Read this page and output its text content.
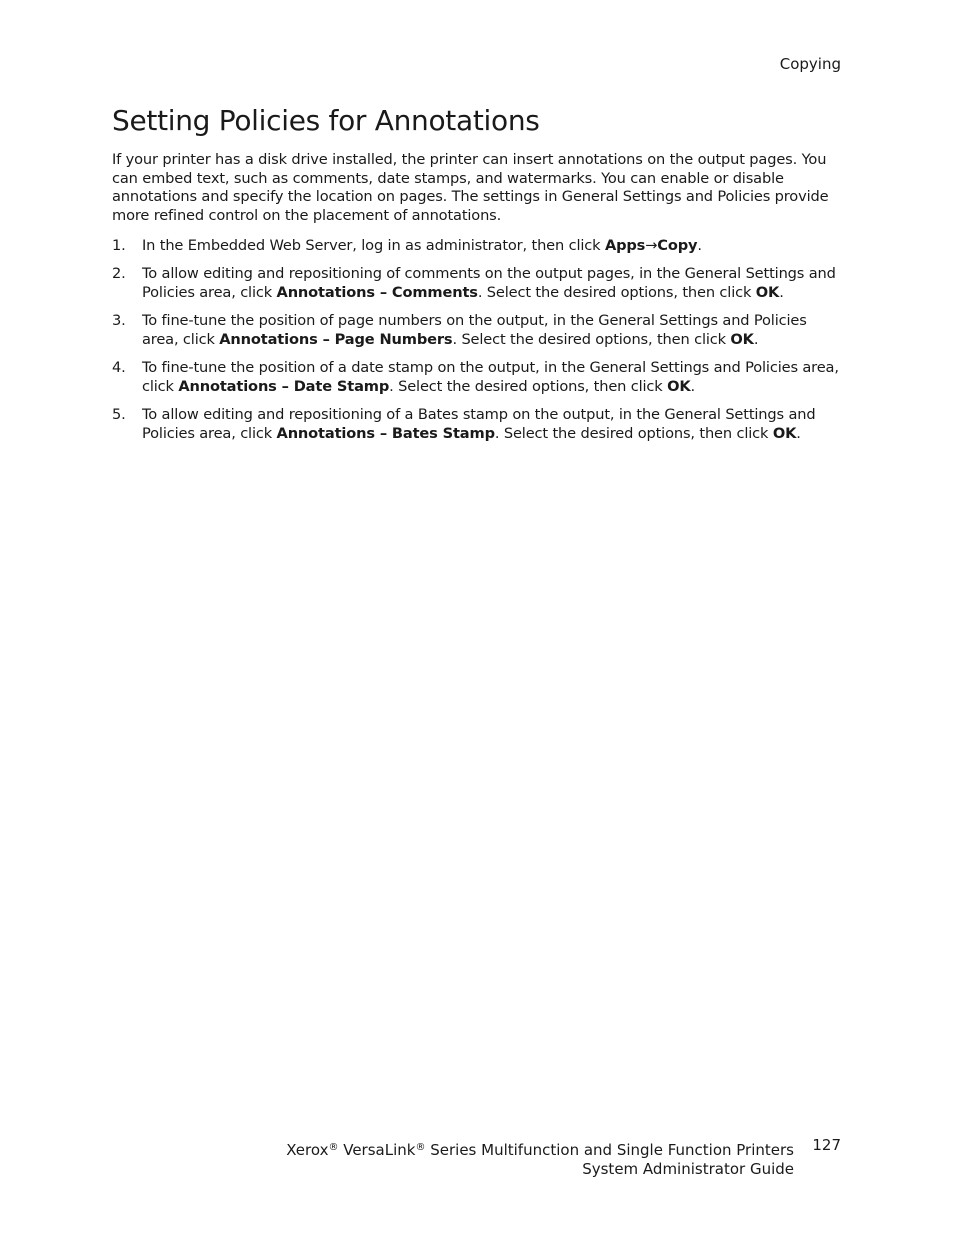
Copying
Setting Policies for Annotations

If your printer has a disk drive installed, the printer can insert annotations on the output pages. You can embed text, such as comments, date stamps, and watermarks. You can enable or disable annotations and specify the location on pages. The settings in General Settings and Policies provide more refined control on the placement of annotations.

1. In the Embedded Web Server, log in as administrator, then click Apps→Copy.
2. To allow editing and repositioning of comments on the output pages, in the General Settings and Policies area, click Annotations – Comments. Select the desired options, then click OK.
3. To fine-tune the position of page numbers on the output, in the General Settings and Policies area, click Annotations – Page Numbers. Select the desired options, then click OK.
4. To fine-tune the position of a date stamp on the output, in the General Settings and Policies area, click Annotations – Date Stamp. Select the desired options, then click OK.
5. To allow editing and repositioning of a Bates stamp on the output, in the General Settings and Policies area, click Annotations – Bates Stamp. Select the desired options, then click OK.
Xerox® VersaLink® Series Multifunction and Single Function Printers
System Administrator Guide
127
